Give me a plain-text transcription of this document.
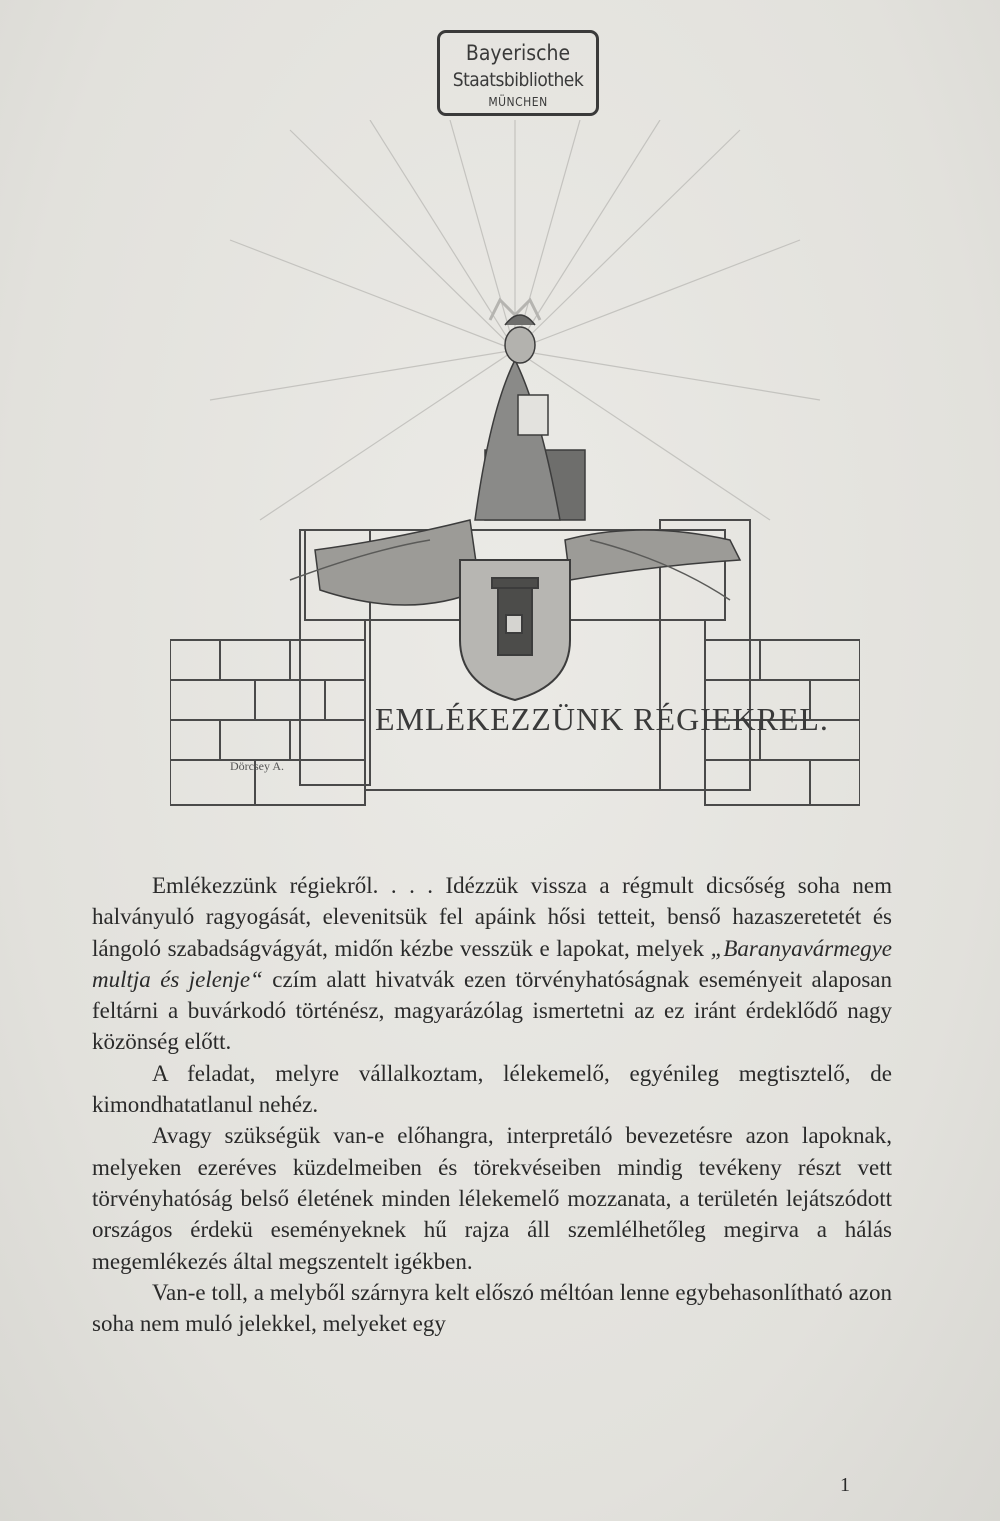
Bayerische
Staatsbibliothek
MÜNCHEN
EMLÉKEZZÜNK RÉGIEKREL.
Dörcsey A.

Emlékezzünk régiekről. . . . Idézzük vissza a régmult dicsőség soha nem halványuló ragyogását, elevenitsük fel apáink hősi tetteit, benső hazaszeretetét és lángoló szabadságvágyát, midőn kézbe vesszük e lapokat, melyek „Baranyavármegye multja és jelenje“ czím alatt hivatvák ezen törvényhatóságnak eseményeit alaposan feltárni a buvárkodó történész, magyarázólag ismertetni az ez iránt érdeklődő nagy közönség előtt.

A feladat, melyre vállalkoztam, lélekemelő, egyénileg megtisztelő, de kimondhatatlanul nehéz.

Avagy szükségük van-e előhangra, interpretáló bevezetésre azon lapoknak, melyeken ezeréves küzdelmeiben és törekvéseiben mindig tevékeny részt vett törvényhatóság belső életének minden lélekemelő mozzanata, a területén lejátszódott országos érdekü eseményeknek hű rajza áll szemlélhetőleg megirva a hálás megemlékezés által megszentelt igékben.

Van-e toll, a melyből szárnyra kelt előszó méltóan lenne egybehasonlítható azon soha nem muló jelekkel, melyeket egy

1
